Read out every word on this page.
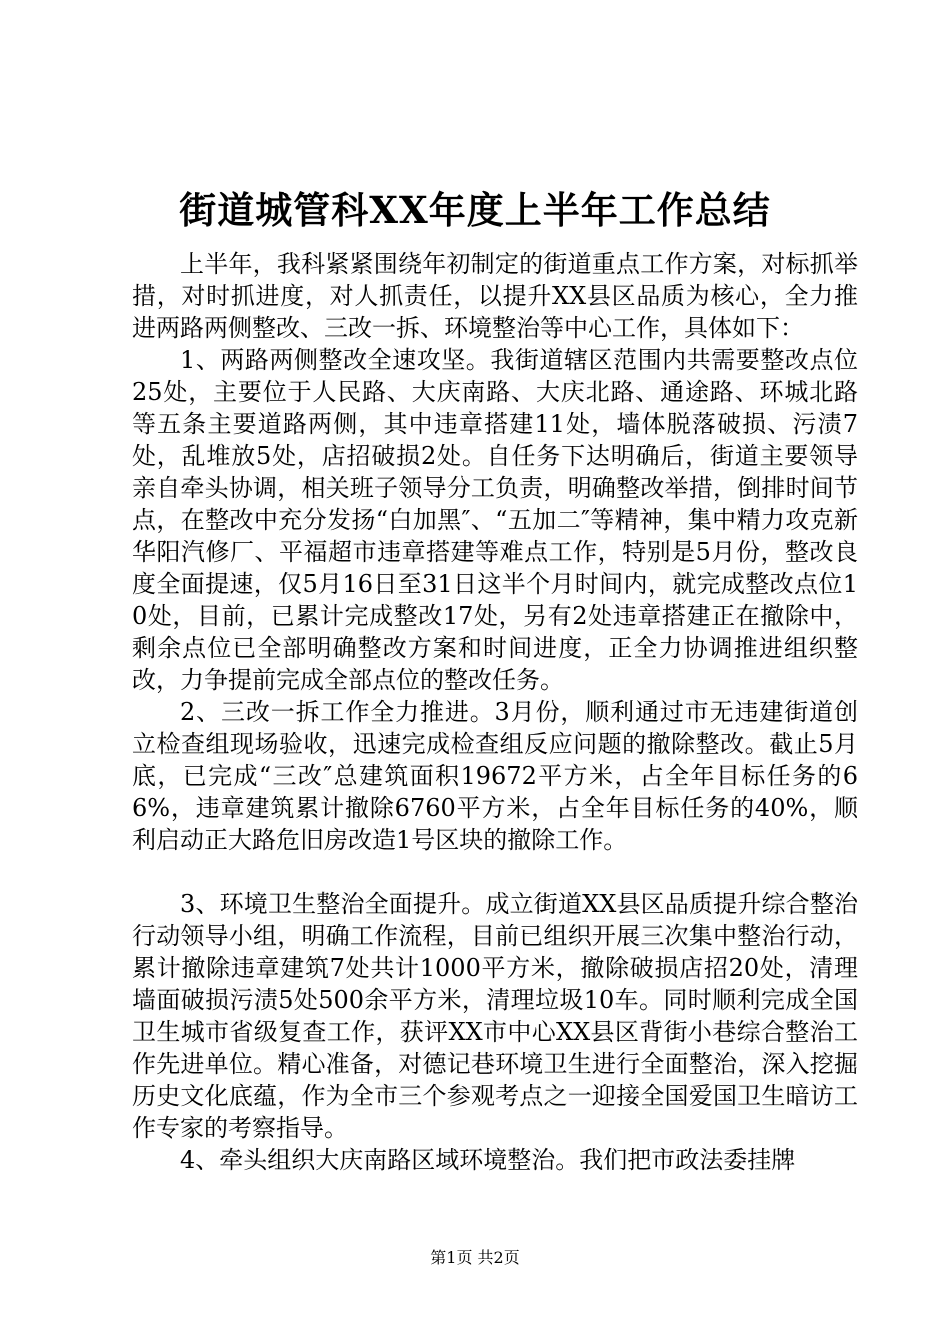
街道城管科XX年度上半年工作总结

上半年，我科紧紧围绕年初制定的街道重点工作方案，对标抓举措，对时抓进度，对人抓责任，以提升XX县区品质为核心，全力推进两路两侧整改、三改一拆、环境整治等中心工作，具体如下：

1、两路两侧整改全速攻坚。我街道辖区范围内共需要整改点位25处，主要位于人民路、大庆南路、大庆北路、通途路、环城北路等五条主要道路两侧，其中违章搭建11处，墙体脱落破损、污渍7处，乱堆放5处，店招破损2处。自任务下达明确后，街道主要领导亲自牵头协调，相关班子领导分工负责，明确整改举措，倒排时间节点，在整改中充分发扬“白加黑″、“五加二″等精神，集中精力攻克新华阳汽修厂、平福超市违章搭建等难点工作，特别是5月份，整改良度全面提速，仅5月16日至31日这半个月时间内，就完成整改点位10处，目前，已累计完成整改17处，另有2处违章搭建正在撤除中，剩余点位已全部明确整改方案和时间进度，正全力协调推进组织整改，力争提前完成全部点位的整改任务。

2、三改一拆工作全力推进。3月份，顺利通过市无违建街道创立检查组现场验收，迅速完成检查组反应问题的撤除整改。截止5月底，已完成“三改″总建筑面积19672平方米，占全年目标任务的66%，违章建筑累计撤除6760平方米，占全年目标任务的40%，顺利启动正大路危旧房改造1号区块的撤除工作。

3、环境卫生整治全面提升。成立街道XX县区品质提升综合整治行动领导小组，明确工作流程，目前已组织开展三次集中整治行动，累计撤除违章建筑7处共计1000平方米，撤除破损店招20处，清理墙面破损污渍5处500余平方米，清理垃圾10车。同时顺利完成全国卫生城市省级复查工作，获评XX市中心XX县区背街小巷综合整治工作先进单位。精心准备，对德记巷环境卫生进行全面整治，深入挖掘历史文化底蕴，作为全市三个参观考点之一迎接全国爱国卫生暗访工作专家的考察指导。

4、牵头组织大庆南路区域环境整治。我们把市政法委挂牌

第1页 共2页
